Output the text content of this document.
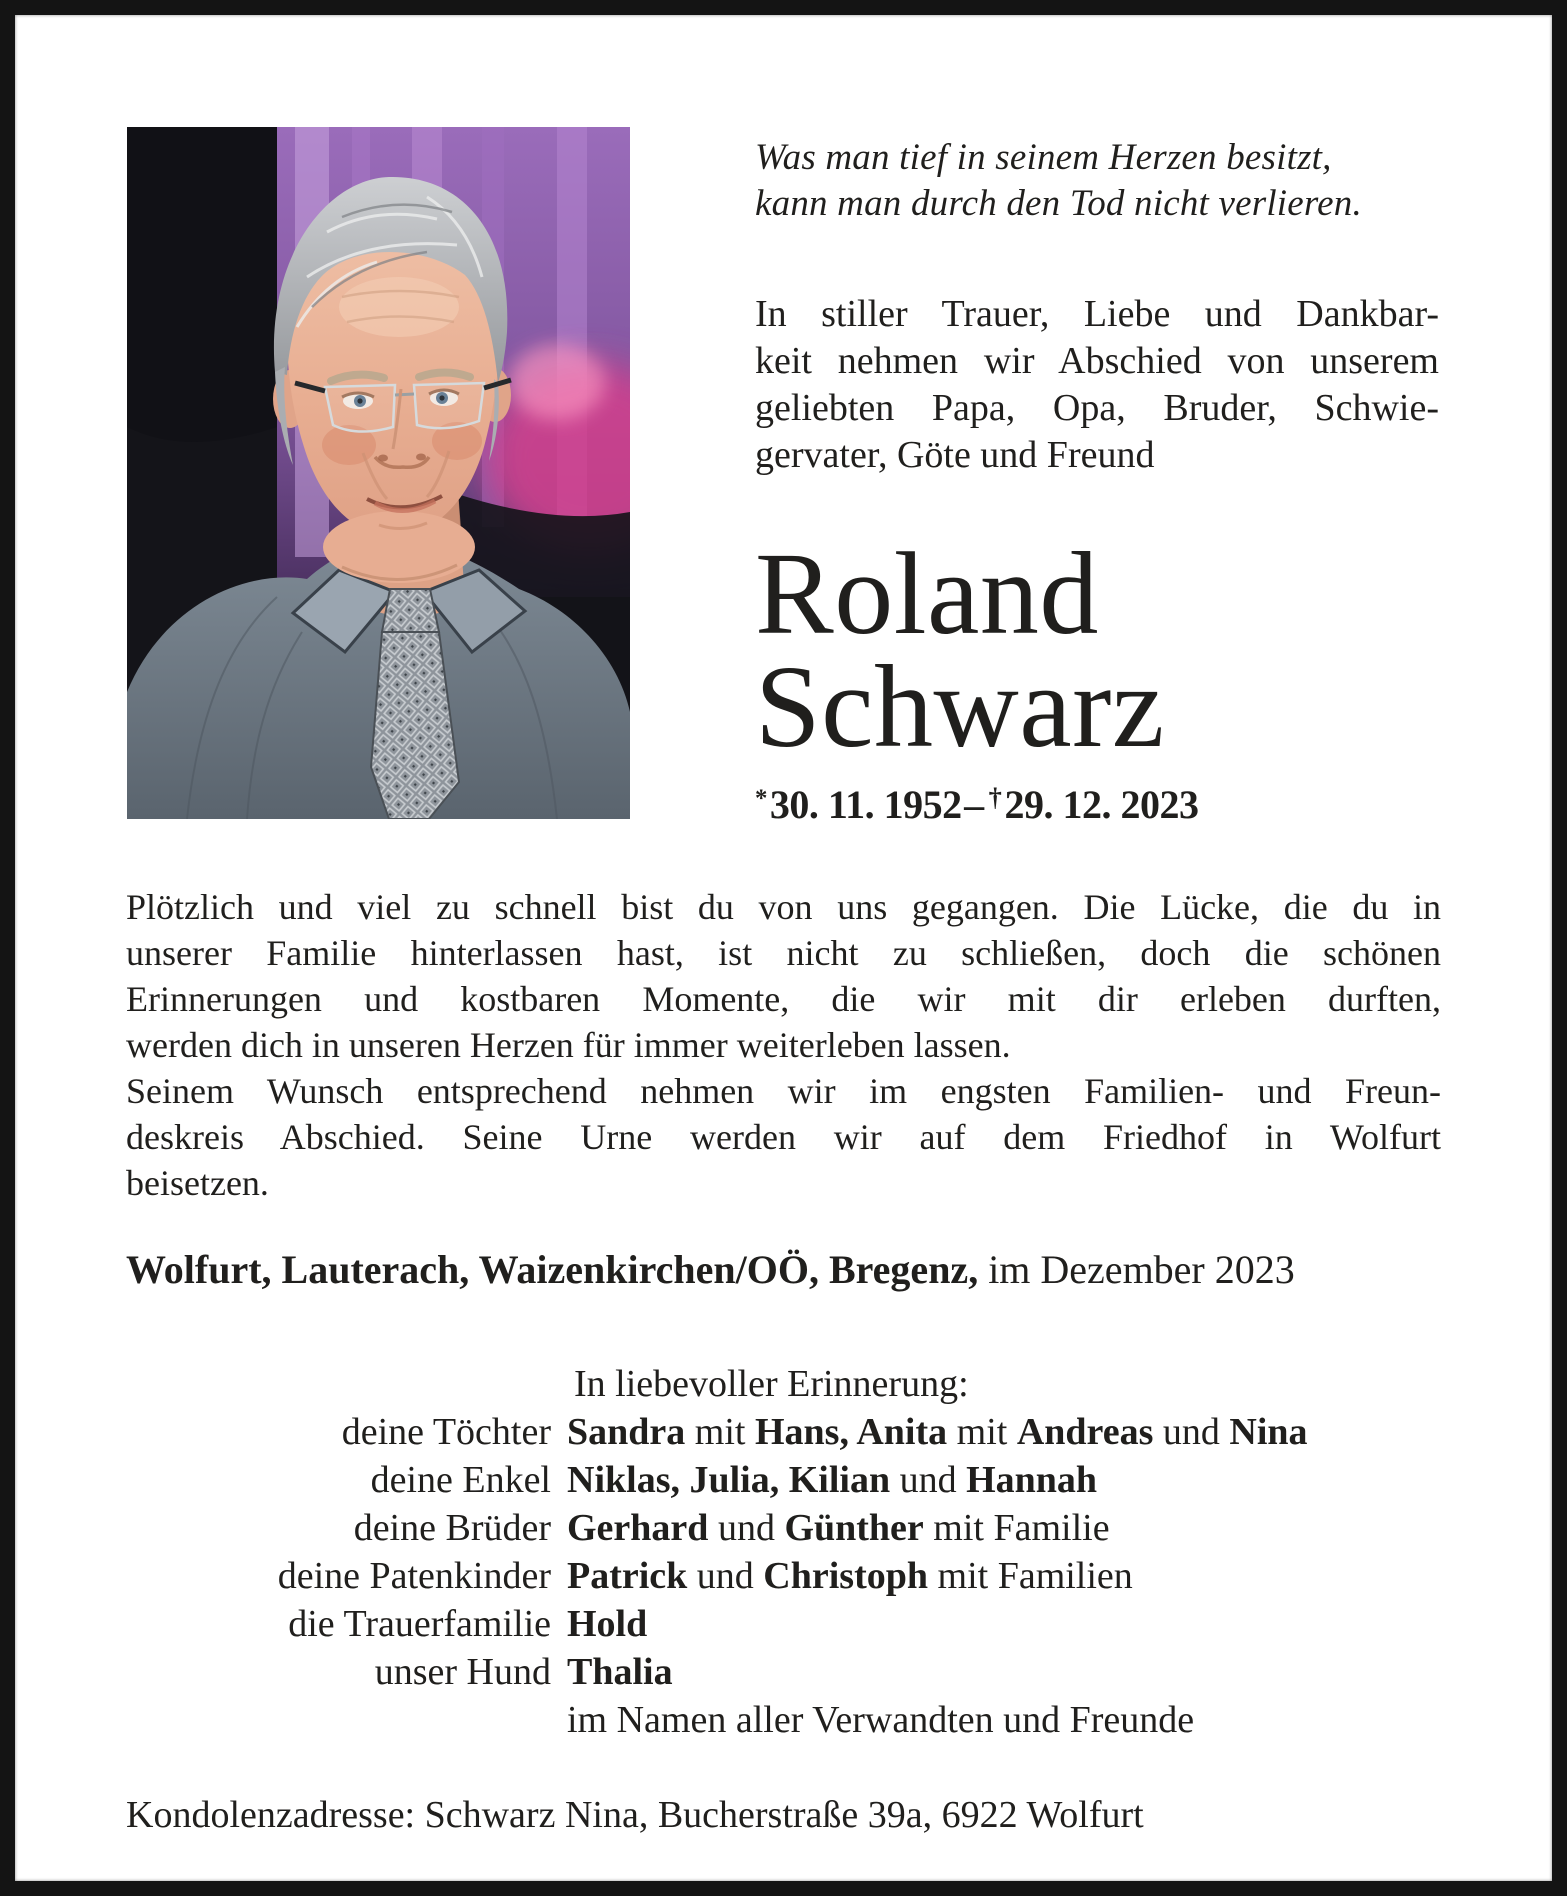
Was man tief in seinem Herzen besitzt,
kann man durch den Tod nicht verlieren.
In stiller Trauer, Liebe und Dankbar-
keit nehmen wir Abschied von unserem
geliebten Papa, Opa, Bruder, Schwie-
gervater, Göte und Freund
Roland
Schwarz
*30. 11. 1952– †29. 12. 2023
Plötzlich und viel zu schnell bist du von uns gegangen. Die Lücke, die du in
unserer Familie hinterlassen hast, ist nicht zu schließen, doch die schönen
Erinnerungen und kostbaren Momente, die wir mit dir erleben durften,
werden dich in unseren Herzen für immer weiterleben lassen.
Seinem Wunsch entsprechend nehmen wir im engsten Familien- und Freun-
deskreis Abschied. Seine Urne werden wir auf dem Friedhof in Wolfurt
beisetzen.
Wolfurt, Lauterach, Waizenkirchen/OÖ, Bregenz, im Dezember 2023
In liebevoller Erinnerung:
deine Töchter Sandra mit Hans, Anita mit Andreas und Nina
deine Enkel Niklas, Julia, Kilian und Hannah
deine Brüder Gerhard und Günther mit Familie
deine Patenkinder Patrick und Christoph mit Familien
die Trauerfamilie Hold
unser Hund Thalia
im Namen aller Verwandten und Freunde
Kondolenzadresse: Schwarz Nina, Bucherstraße 39a, 6922 Wolfurt
